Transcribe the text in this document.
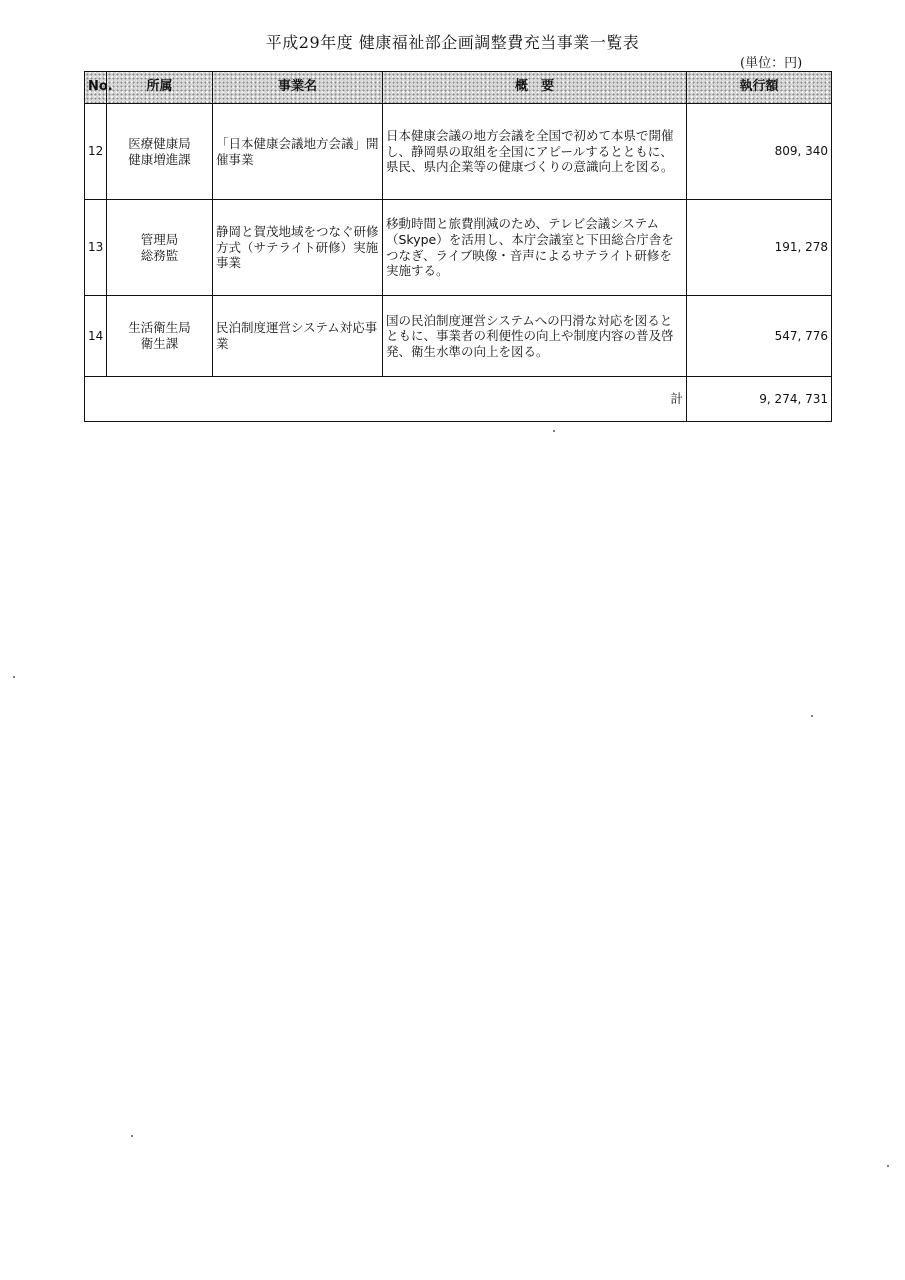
平成29年度 健康福祉部企画調整費充当事業一覧表
(単位：円)
No.	所属	事業名	概　要	執行額
12	医療健康局
健康増進課	「日本健康会議地方会議」開催事業	日本健康会議の地方会議を全国で初めて本県で開催し、静岡県の取組を全国にアピールするとともに、県民、県内企業等の健康づくりの意識向上を図る。	809, 340
13	管理局
総務監	静岡と賀茂地域をつなぐ研修方式（サテライト研修）実施事業	移動時間と旅費削減のため、テレビ会議システム（Skype）を活用し、本庁会議室と下田総合庁舎をつなぎ、ライブ映像・音声によるサテライト研修を実施する。	191, 278
14	生活衛生局
衛生課	民泊制度運営システム対応事業	国の民泊制度運営システムへの円滑な対応を図るとともに、事業者の利便性の向上や制度内容の普及啓発、衛生水準の向上を図る。	547, 776
計				9, 274, 731
